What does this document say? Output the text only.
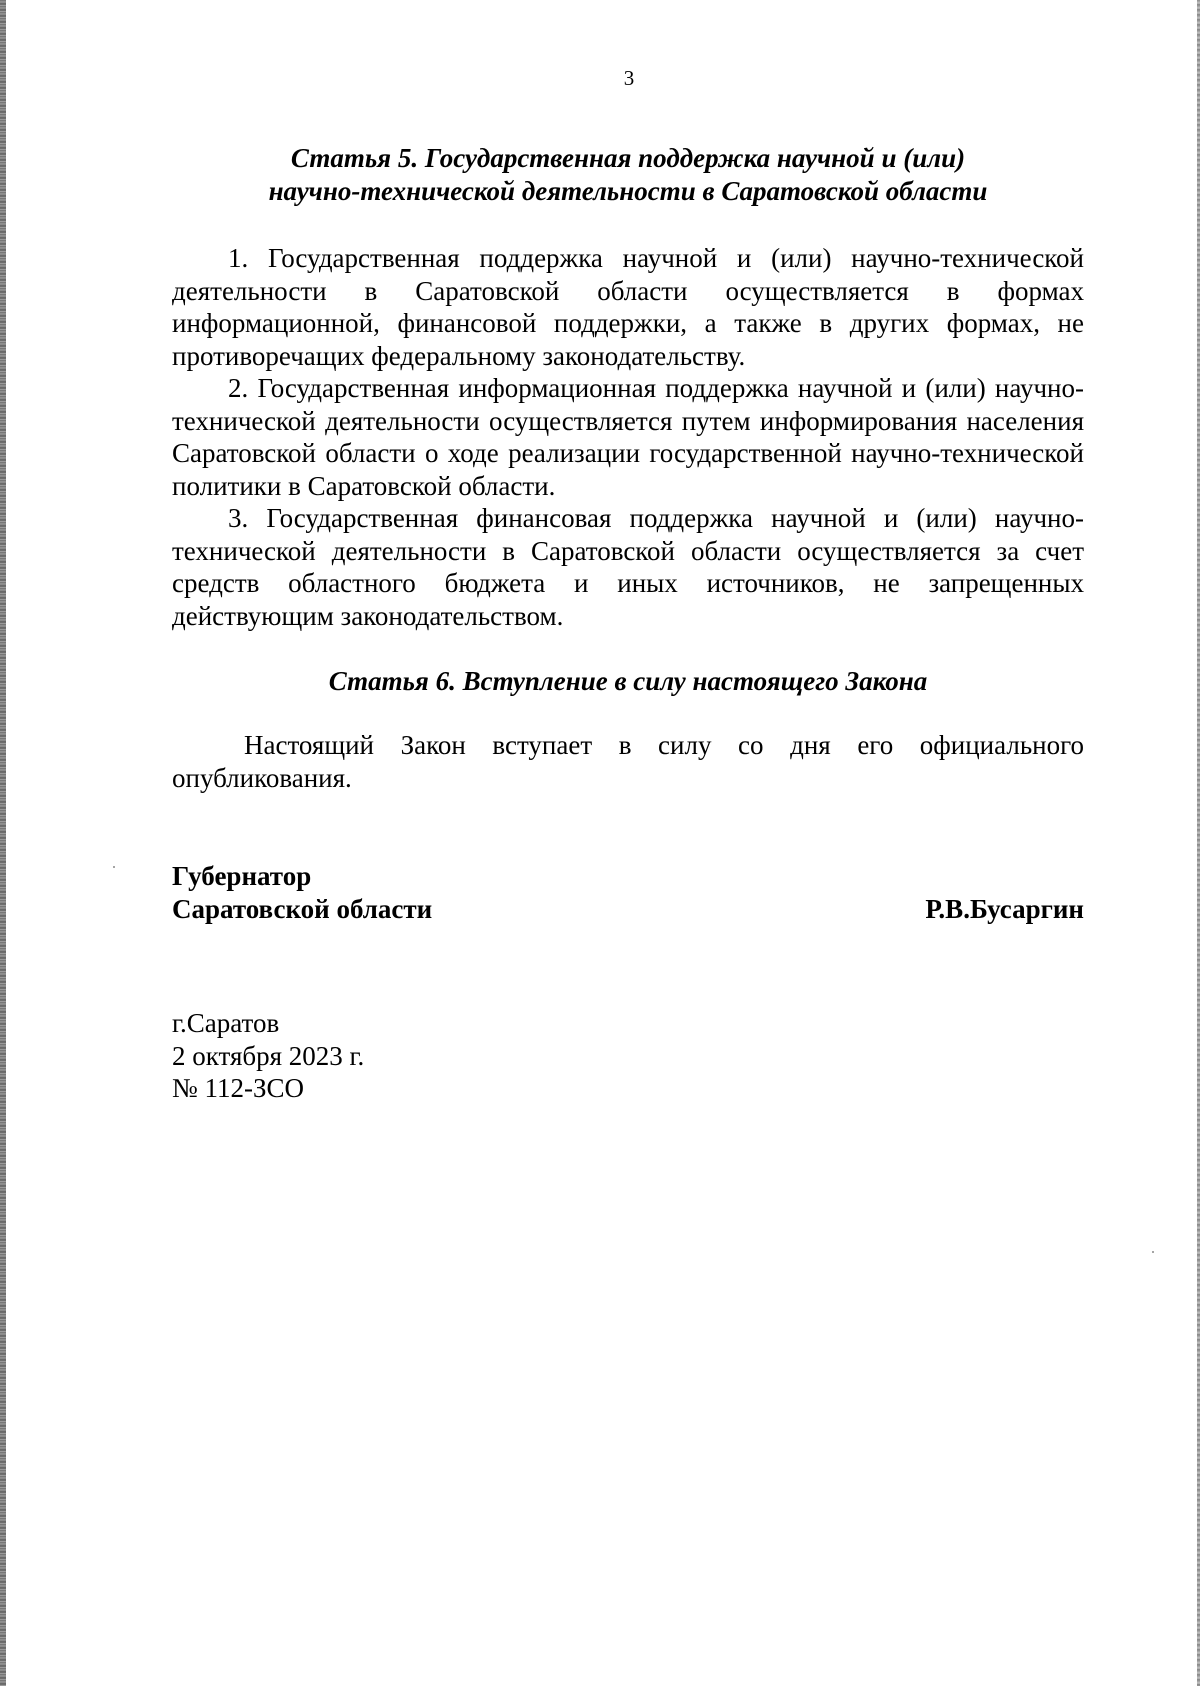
3
Статья 5. Государственная поддержка научной и (или)
научно-технической деятельности в Саратовской области
1. Государственная поддержка научной и (или) научно-технической деятельности в Саратовской области осуществляется в формах информационной, финансовой поддержки, а также в других формах, не противоречащих федеральному законодательству.
2. Государственная информационная поддержка научной и (или) научно-технической деятельности осуществляется путем информирования населения Саратовской области о ходе реализации государственной научно-технической политики в Саратовской области.
3. Государственная финансовая поддержка научной и (или) научно-технической деятельности в Саратовской области осуществляется за счет средств областного бюджета и иных источников, не запрещенных действующим законодательством.
Статья 6. Вступление в силу настоящего Закона
Настоящий Закон вступает в силу со дня его официального опубликования.
Губернатор
Саратовской области	Р.В.Бусаргин
г.Саратов
2 октября 2023 г.
№ 112-ЗСО
